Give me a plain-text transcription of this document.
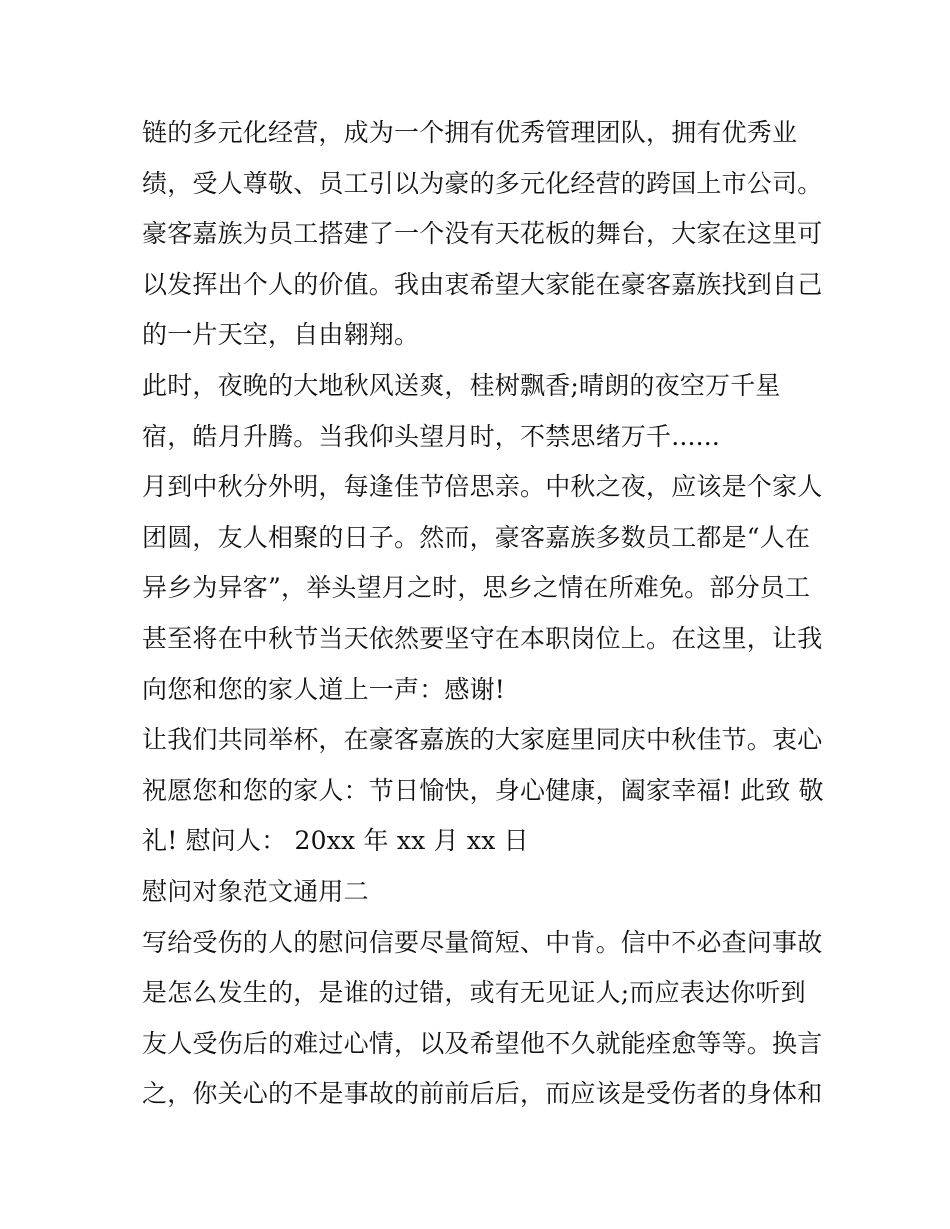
链的多元化经营，成为一个拥有优秀管理团队，拥有优秀业
绩，受人尊敬、员工引以为豪的多元化经营的跨国上市公司。
豪客嘉族为员工搭建了一个没有天花板的舞台，大家在这里可
以发挥出个人的价值。我由衷希望大家能在豪客嘉族找到自己
的一片天空，自由翱翔。
此时，夜晚的大地秋风送爽，桂树飘香;晴朗的夜空万千星
宿，皓月升腾。当我仰头望月时，不禁思绪万千......
月到中秋分外明，每逢佳节倍思亲。中秋之夜，应该是个家人
团圆，友人相聚的日子。然而，豪客嘉族多数员工都是“人在
异乡为异客”，举头望月之时，思乡之情在所难免。部分员工
甚至将在中秋节当天依然要坚守在本职岗位上。在这里，让我
向您和您的家人道上一声：感谢!
让我们共同举杯，在豪客嘉族的大家庭里同庆中秋佳节。衷心
祝愿您和您的家人：节日愉快，身心健康，阖家幸福! 此致 敬
礼! 慰问人： 20xx 年 xx 月 xx 日
慰问对象范文通用二
写给受伤的人的慰问信要尽量简短、中肯。信中不必查问事故
是怎么发生的，是谁的过错，或有无见证人;而应表达你听到
友人受伤后的难过心情，以及希望他不久就能痊愈等等。换言
之，你关心的不是事故的前前后后，而应该是受伤者的身体和
